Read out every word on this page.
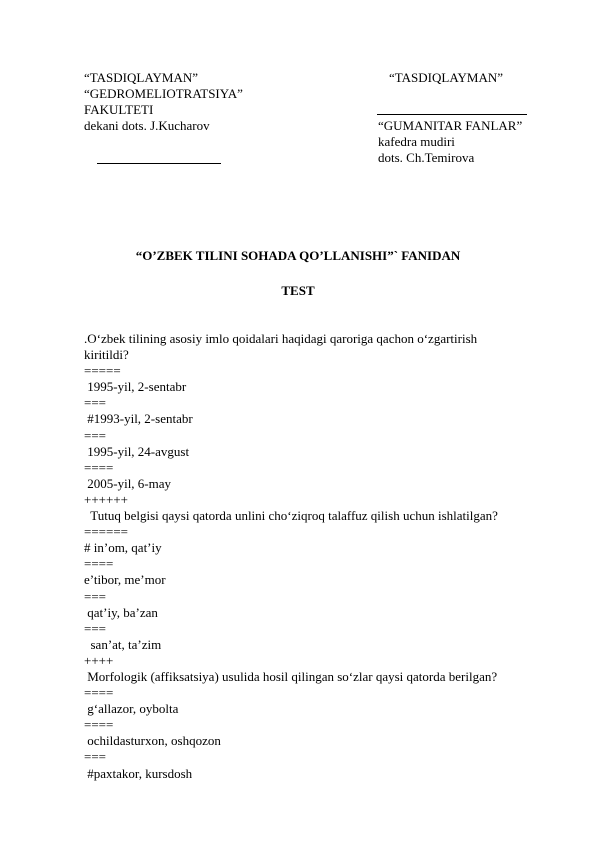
“TASDIQLAYMAN”
“GEDROMELIOTRATSIYA”
FAKULTETI
dekani dots. J.Kucharov
“TASDIQLAYMAN”
“GUMANITAR FANLAR”
kafedra mudiri
dots. Ch.Temirova
“O’ZBEK TILINI SOHADA QO’LLANISHI”` FANIDAN
TEST
.O‘zbek tilining asosiy imlo qoidalari haqidagi qaroriga qachon o‘zgartirish
kiritildi?
=====
1995-yil, 2-sentabr
===
#1993-yil, 2-sentabr
===
1995-yil, 24-avgust
====
2005-yil, 6-may
++++++
Tutuq belgisi qaysi qatorda unlini cho‘ziqroq talaffuz qilish uchun ishlatilgan?
======
# in’om, qat’iy
====
e’tibor, me’mor
===
qat’iy, ba’zan
===
san’at, ta’zim
++++
Morfologik (affiksatsiya) usulida hosil qilingan so‘zlar qaysi qatorda berilgan?
====
g‘allazor, oybolta
====
ochildasturxon, oshqozon
===
#paxtakor, kursdosh
